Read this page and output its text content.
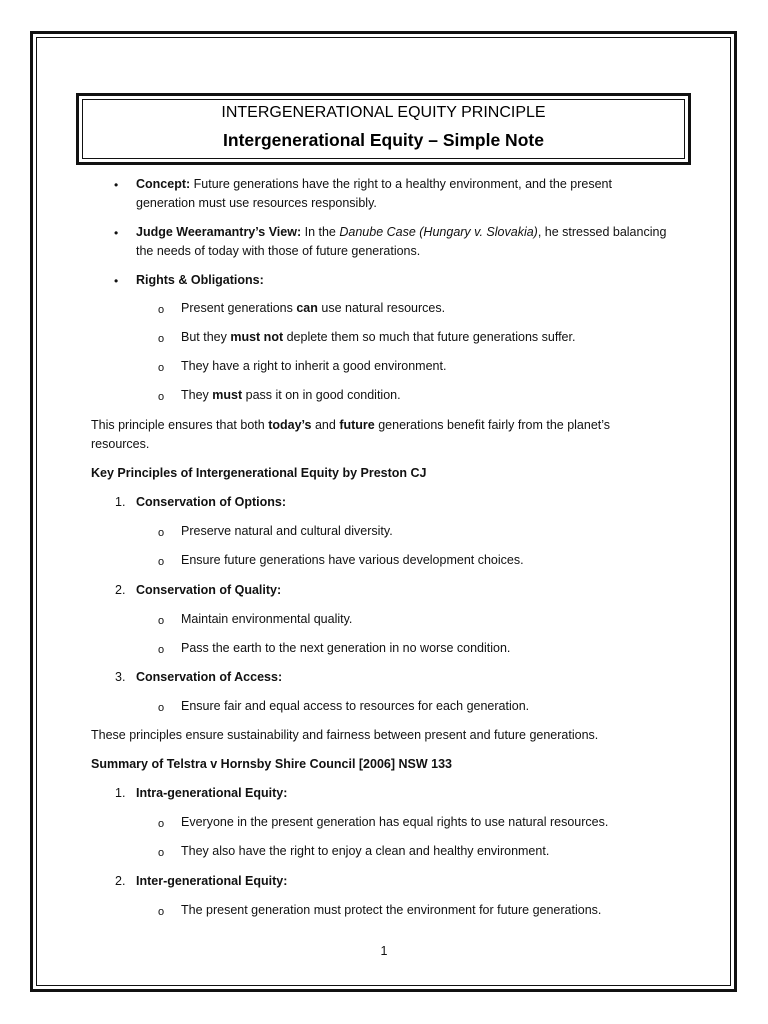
INTERGENERATIONAL EQUITY PRINCIPLE
Intergenerational Equity – Simple Note
• Concept: Future generations have the right to a healthy environment, and the present
generation must use resources responsibly.
• Judge Weeramantry’s View: In the Danube Case (Hungary v. Slovakia), he stressed balancing
the needs of today with those of future generations.
• Rights & Obligations:
o Present generations can use natural resources.
o But they must not deplete them so much that future generations suffer.
o They have a right to inherit a good environment.
o They must pass it on in good condition.
This principle ensures that both today’s and future generations benefit fairly from the planet’s
resources.
Key Principles of Intergenerational Equity by Preston CJ
1. Conservation of Options:
o Preserve natural and cultural diversity.
o Ensure future generations have various development choices.
2. Conservation of Quality:
o Maintain environmental quality.
o Pass the earth to the next generation in no worse condition.
3. Conservation of Access:
o Ensure fair and equal access to resources for each generation.
These principles ensure sustainability and fairness between present and future generations.
Summary of Telstra v Hornsby Shire Council [2006] NSW 133
1. Intra-generational Equity:
o Everyone in the present generation has equal rights to use natural resources.
o They also have the right to enjoy a clean and healthy environment.
2. Inter-generational Equity:
o The present generation must protect the environment for future generations.
1
